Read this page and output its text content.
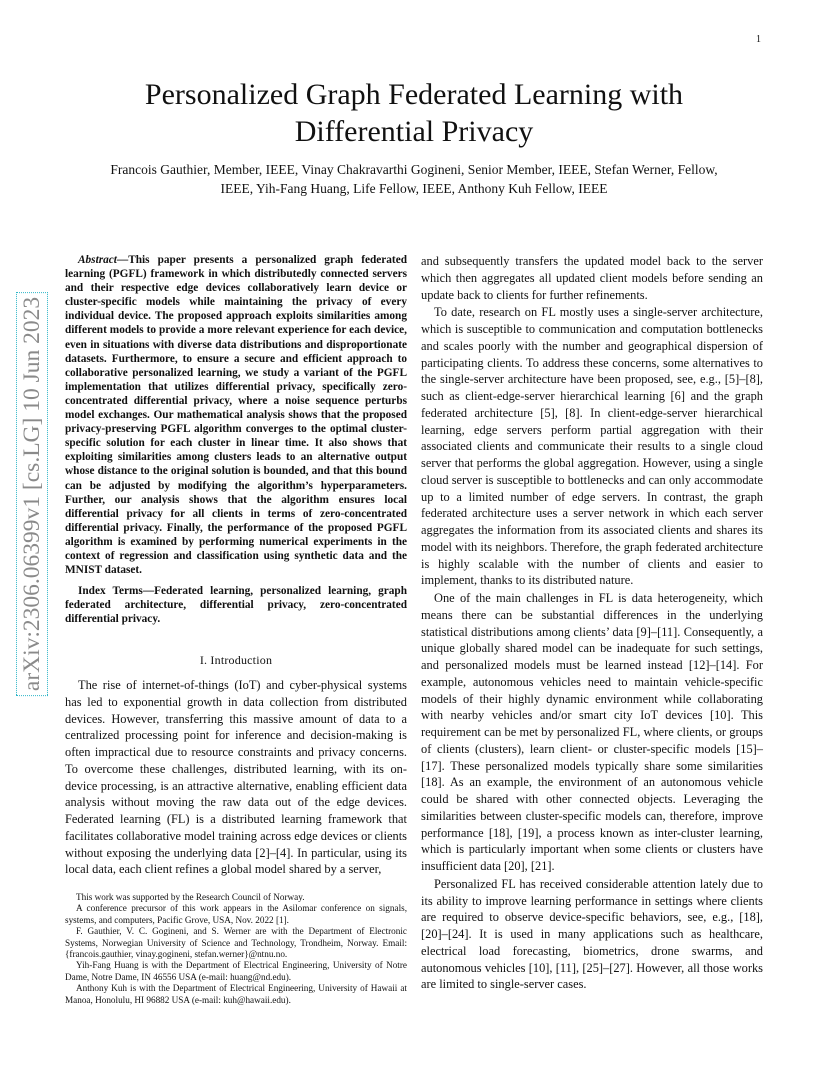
1
arXiv:2306.06399v1 [cs.LG] 10 Jun 2023
Personalized Graph Federated Learning with
Differential Privacy
Francois Gauthier, Member, IEEE, Vinay Chakravarthi Gogineni, Senior Member, IEEE, Stefan Werner, Fellow,
IEEE, Yih-Fang Huang, Life Fellow, IEEE, Anthony Kuh Fellow, IEEE

Abstract—This paper presents a personalized graph federated learning (PGFL) framework in which distributedly connected servers and their respective edge devices collaboratively learn device or cluster-specific models while maintaining the privacy of every individual device. The proposed approach exploits similarities among different models to provide a more relevant experience for each device, even in situations with diverse data distributions and disproportionate datasets. Furthermore, to ensure a secure and efficient approach to collaborative personalized learning, we study a variant of the PGFL implementation that utilizes differential privacy, specifically zero-concentrated differential privacy, where a noise sequence perturbs model exchanges. Our mathematical analysis shows that the proposed privacy-preserving PGFL algorithm converges to the optimal cluster-specific solution for each cluster in linear time. It also shows that exploiting similarities among clusters leads to an alternative output whose distance to the original solution is bounded, and that this bound can be adjusted by modifying the algorithm’s hyperparameters. Further, our analysis shows that the algorithm ensures local differential privacy for all clients in terms of zero-concentrated differential privacy. Finally, the performance of the proposed PGFL algorithm is examined by performing numerical experiments in the context of regression and classification using synthetic data and the MNIST dataset.

Index Terms—Federated learning, personalized learning, graph federated architecture, differential privacy, zero-concentrated differential privacy.

I. Introduction

The rise of internet-of-things (IoT) and cyber-physical systems has led to exponential growth in data collection from distributed devices. However, transferring this massive amount of data to a centralized processing point for inference and decision-making is often impractical due to resource constraints and privacy concerns. To overcome these challenges, distributed learning, with its on-device processing, is an attractive alternative, enabling efficient data analysis without moving the raw data out of the edge devices. Federated learning (FL) is a distributed learning framework that facilitates collaborative model training across edge devices or clients without exposing the underlying data [2]–[4]. In particular, using its local data, each client refines a global model shared by a server,

This work was supported by the Research Council of Norway.

A conference precursor of this work appears in the Asilomar conference on signals, systems, and computers, Pacific Grove, USA, Nov. 2022 [1].

F. Gauthier, V. C. Gogineni, and S. Werner are with the Department of Electronic Systems, Norwegian University of Science and Technology, Trondheim, Norway. Email: {francois.gauthier, vinay.gogineni, stefan.werner}@ntnu.no.

Yih-Fang Huang is with the Department of Electrical Engineering, University of Notre Dame, Notre Dame, IN 46556 USA (e-mail: huang@nd.edu).

Anthony Kuh is with the Department of Electrical Engineering, University of Hawaii at Manoa, Honolulu, HI 96882 USA (e-mail: kuh@hawaii.edu).

and subsequently transfers the updated model back to the server which then aggregates all updated client models before sending an update back to clients for further refinements.

To date, research on FL mostly uses a single-server architecture, which is susceptible to communication and computation bottlenecks and scales poorly with the number and geographical dispersion of participating clients. To address these concerns, some alternatives to the single-server architecture have been proposed, see, e.g., [5]–[8], such as client-edge-server hierarchical learning [6] and the graph federated architecture [5], [8]. In client-edge-server hierarchical learning, edge servers perform partial aggregation with their associated clients and communicate their results to a single cloud server that performs the global aggregation. However, using a single cloud server is susceptible to bottlenecks and can only accommodate up to a limited number of edge servers. In contrast, the graph federated architecture uses a server network in which each server aggregates the information from its associated clients and shares its model with its neighbors. Therefore, the graph federated architecture is highly scalable with the number of clients and easier to implement, thanks to its distributed nature.

One of the main challenges in FL is data heterogeneity, which means there can be substantial differences in the underlying statistical distributions among clients’ data [9]–[11]. Consequently, a unique globally shared model can be inadequate for such settings, and personalized models must be learned instead [12]–[14]. For example, autonomous vehicles need to maintain vehicle-specific models of their highly dynamic environment while collaborating with nearby vehicles and/or smart city IoT devices [10]. This requirement can be met by personalized FL, where clients, or groups of clients (clusters), learn client- or cluster-specific models [15]–[17]. These personalized models typically share some similarities [18]. As an example, the environment of an autonomous vehicle could be shared with other connected objects. Leveraging the similarities between cluster-specific models can, therefore, improve performance [18], [19], a process known as inter-cluster learning, which is particularly important when some clients or clusters have insufficient data [20], [21].

Personalized FL has received considerable attention lately due to its ability to improve learning performance in settings where clients are required to observe device-specific behaviors, see, e.g., [18], [20]–[24]. It is used in many applications such as healthcare, electrical load forecasting, biometrics, drone swarms, and autonomous vehicles [10], [11], [25]–[27]. However, all those works are limited to single-server cases.
